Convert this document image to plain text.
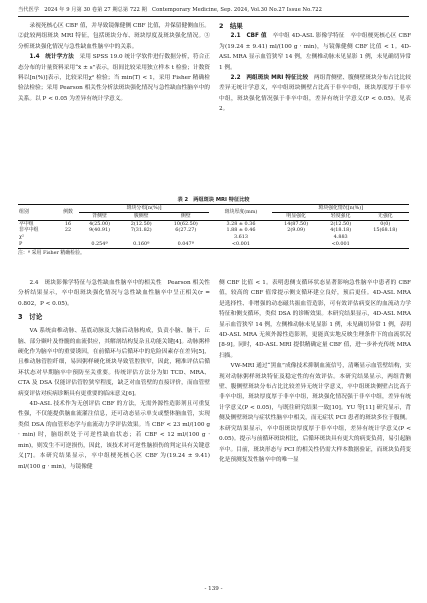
当代医学　2024 年 9 月第 30 卷第 27 期总第 722 期　Contemporary Medicine, Sep. 2024, Vol.30 No.27 Issue No.722

录视死核心区 CBF 值，并导致镜像健侧 CBF 比值，并保留健侧血压。②此较两组斑块 MRI 特征，包括斑块分布、斑块厚度及斑块强化情况。③分析斑块强化情况与急性缺血性脑卒中的关系。

1.4　统计学方法　 采用 SPSS 19.0 统计学软件进行数据分析，符合正态分布的计量资料采用“x̄ ± s”表示，组间比较采用独立样本 t 检验；计数资料以[n(%)]表示，比较采用χ² 检验；当 min(T) < 1，采用 Fisher 精确检验法检验；采用 Pearson 相关性分析法斑块强化情况与急性缺血性脑卒中的关系。以 P < 0.05 为差异有统计学意义。

2　结果

2.1　CBF 值　 卒中组 4D-ASL 影像学特征　卒中组梗死核心区 CBF 为(19.24 ± 9.41) ml/(100 g · min)，与镜像健侧 CBF 比值 < 1。4D-ASL MRA 显示血管狭窄 14 例，左侧椎动脉未见显影 1 例，未见确切异常 1 例。

2.2　两组斑块 MRI 特征比较　 两组背侧壁、腹侧壁斑块分布占比比较差异无统计学意义，卒中组斑块侧壁占比高于非卒中组，斑块厚度厚于非卒中组，斑块强化情况强于非卒中组，差异有统计学意义(P < 0.05)。见表 2。

表 2　两组斑块 MRI 特征比较
组别	例数	斑块分布[n(%)]			斑块厚度(mm)	斑块强化情况[n(%)]		
		背侧壁	腹侧壁	侧壁		明显强化	轻度强化	无强化
卒中组	16	4(25.00)	2(12.50)	10(62.50)	3.28 ± 0.36	14(87.50)	2(12.50)	0(0)
非卒中组	22	9(40.91)	7(31.82)	6(27.27)	1.88 ± 0.46	2(9.09)	4(18.18)	15(68.18)
χ²					3.613		4.883	
P		0.254ª	0.160ª	0.047ª	<0.001		<0.001	
注：ª 采用 Fisher 精确检验。

2.4　斑块影像学特征与急性缺血性脑卒中的相关性　Pearson 相关性分析结果显示，卒中组斑块强化情况与急性缺血性脑卒中呈正相关(r = 0.802，P < 0.05)。

3　讨论

VA 系统由椎动脉、基底动脉及大脑后动脉构成，负责小脑、脑干、丘脑、部分颞叶及脊髓的血流供应，其解剖结构复杂且功能关键[4]。动脉粥样硬化作为脑卒中的重要诱因，在前循环与后循环中的危险因素存在差异[5]，且椎动脉管腔纤细，易因粥样硬化斑块导致管腔狭窄，因此，精准评估后循环状态对早期脑卒中预防至关重要。传统评估方法分为如 TCD、MRA、CTA 及 DSA 仅能评估管腔狭窄程度，缺乏对血管壁的直接评价，而血管壁病变评估对疾病诊断具有更重要的临床意义[6]。

4D-ASL 技术作为无创评估 CBF 的方法，无需外源性造影剂且可重复性强，不仅能提供脑血流灌注信息，还可动态显示单支或整体脑血管，实现类似 DSA 的血管形态学与血流动力学评估效果。当 CBF < 23 ml/(100 g · min) 时，脑组织处于可逆性缺血状态；若 CBF < 12 ml/(100 g · min)，则发生不可逆损伤，因此，该技术对可逆性脑损伤的判定具有关键意义[7]。本研究结果显示，卒中组梗死核心区 CBF 为(19.24 ± 9.41) ml/(100 g · min)，与镜像健

侧 CBF 比值 < 1。表明患侧支循环状态显著影响急性脑卒中患者的 CBF 值，较高的 CBF 值常提示侧支循环建立良好，预后更佳。4D-ASL MRA 是选择性、非增强的动态磁共振血管造影，可有效评估病变区的血流动力学特征和侧支循环，类似 DSA 的诊断效果。本研究结果显示，4D-ASL MRA 显示血管狭窄 14 例，左侧椎动脉未见显影 1 例，未见确切异常 1 例，表明 4D-ASL MRA 无须外源性造影剂，更能真实地反映生理条件下的血流状况[8-9]。同时，4D-ASL MRI 提供精确定量 CBF 值，进一步补充传统 MRA 扫描。

VW-MRI 通过“黑血”成像技术抑制血流信号，清晰显示血管壁结构，实现对动脉粥样斑块特征及稳定性的有效评估。本研究结果显示，两组背侧壁、腹侧壁斑块分布占比比较差异无统计学意义，卒中组斑块侧壁占比高于非卒中组，斑块厚度厚于非卒中组，斑块强化情况强于非卒中组，差异有统计学意义(P < 0.05)，与既往研究结果一致[10]。YU 等[11] 研究显示，背侧及侧壁斑块与症状性脑卒中相关，而无症状 PCI 患者的斑块多位于腹侧。本研究结果显示，卒中组斑块厚度厚于非卒中组，差异有统计学意义(P < 0.05)。提示与前循环斑块相比，后循环斑块具有更大的病变负荷，易引起脑卒中。目前，斑块形态与 PCI 的相关性仍需大样本数据验证，而斑块负荷变化是预测复发性脑卒中的唯一显

- 139 -
